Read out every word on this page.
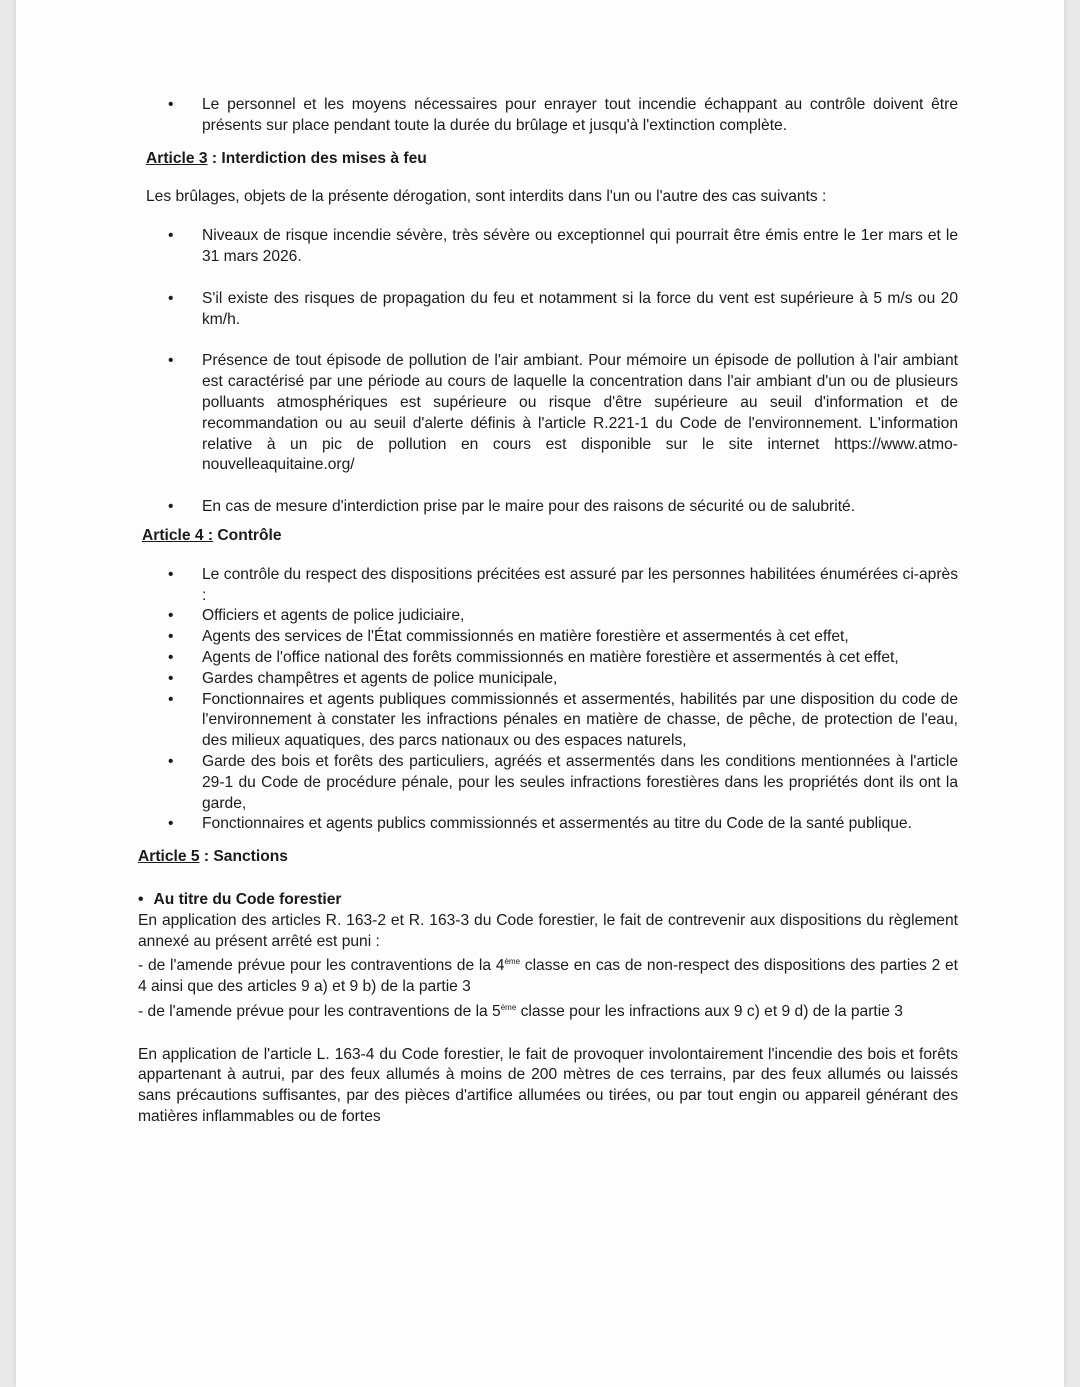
• Le personnel et les moyens nécessaires pour enrayer tout incendie échappant au contrôle doivent être présents sur place pendant toute la durée du brûlage et jusqu'à l'extinction complète.

Article 3 : Interdiction des mises à feu

Les brûlages, objets de la présente dérogation, sont interdits dans l'un ou l'autre des cas suivants :

• Niveaux de risque incendie sévère, très sévère ou exceptionnel qui pourrait être émis entre le 1er mars et le 31 mars 2026.
• S'il existe des risques de propagation du feu et notamment si la force du vent est supérieure à 5 m/s ou 20 km/h.
• Présence de tout épisode de pollution de l'air ambiant. Pour mémoire un épisode de pollution à l'air ambiant est caractérisé par une période au cours de laquelle la concentration dans l'air ambiant d'un ou de plusieurs polluants atmosphériques est supérieure ou risque d'être supérieure au seuil d'information et de recommandation ou au seuil d'alerte définis à l'article R.221-1 du Code de l'environnement. L'information relative à un pic de pollution en cours est disponible sur le site internet https://www.atmo-nouvelleaquitaine.org/
• En cas de mesure d'interdiction prise par le maire pour des raisons de sécurité ou de salubrité.

Article 4 : Contrôle

• Le contrôle du respect des dispositions précitées est assuré par les personnes habilitées énumérées ci-après :
• Officiers et agents de police judiciaire,
• Agents des services de l'État commissionnés en matière forestière et assermentés à cet effet,
• Agents de l'office national des forêts commissionnés en matière forestière et assermentés à cet effet,
• Gardes champêtres et agents de police municipale,
• Fonctionnaires et agents publiques commissionnés et assermentés, habilités par une disposition du code de l'environnement à constater les infractions pénales en matière de chasse, de pêche, de protection de l'eau, des milieux aquatiques, des parcs nationaux ou des espaces naturels,
• Garde des bois et forêts des particuliers, agréés et assermentés dans les conditions mentionnées à l'article 29-1 du Code de procédure pénale, pour les seules infractions forestières dans les propriétés dont ils ont la garde,
• Fonctionnaires et agents publics commissionnés et assermentés au titre du Code de la santé publique.

Article 5 : Sanctions

• Au titre du Code forestier

En application des articles R. 163-2 et R. 163-3 du Code forestier, le fait de contrevenir aux dispositions du règlement annexé au présent arrêté est puni :

- de l'amende prévue pour les contraventions de la 4ème classe en cas de non-respect des dispositions des parties 2 et 4 ainsi que des articles 9 a) et 9 b) de la partie 3

- de l'amende prévue pour les contraventions de la 5ème classe pour les infractions aux 9 c) et 9 d) de la partie 3

En application de l'article L. 163-4 du Code forestier, le fait de provoquer involontairement l'incendie des bois et forêts appartenant à autrui, par des feux allumés à moins de 200 mètres de ces terrains, par des feux allumés ou laissés sans précautions suffisantes, par des pièces d'artifice allumées ou tirées, ou par tout engin ou appareil générant des matières inflammables ou de fortes
